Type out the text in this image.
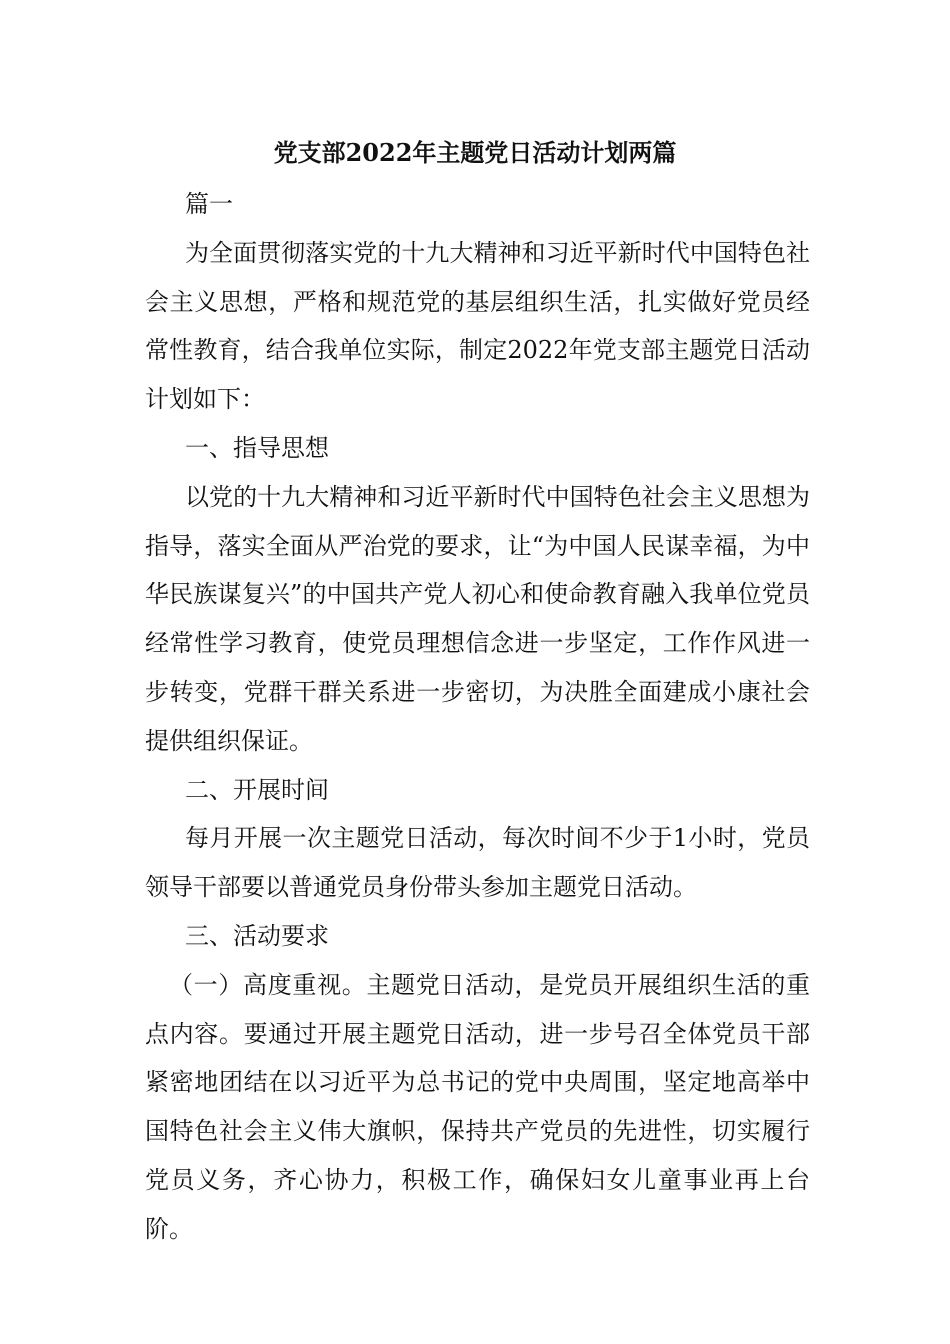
党支部2022年主题党日活动计划两篇

篇一

为全面贯彻落实党的十九大精神和习近平新时代中国特色社会主义思想，严格和规范党的基层组织生活，扎实做好党员经常性教育，结合我单位实际，制定2022年党支部主题党日活动计划如下：

一、指导思想

以党的十九大精神和习近平新时代中国特色社会主义思想为指导，落实全面从严治党的要求，让“为中国人民谋幸福，为中华民族谋复兴”的中国共产党人初心和使命教育融入我单位党员经常性学习教育，使党员理想信念进一步坚定，工作作风进一步转变，党群干群关系进一步密切，为决胜全面建成小康社会提供组织保证。

二、开展时间

每月开展一次主题党日活动，每次时间不少于1小时，党员领导干部要以普通党员身份带头参加主题党日活动。

三、活动要求

（一）高度重视。主题党日活动，是党员开展组织生活的重点内容。要通过开展主题党日活动，进一步号召全体党员干部紧密地团结在以习近平为总书记的党中央周围，坚定地高举中国特色社会主义伟大旗帜，保持共产党员的先进性，切实履行党员义务，齐心协力，积极工作，确保妇女儿童事业再上台阶。
